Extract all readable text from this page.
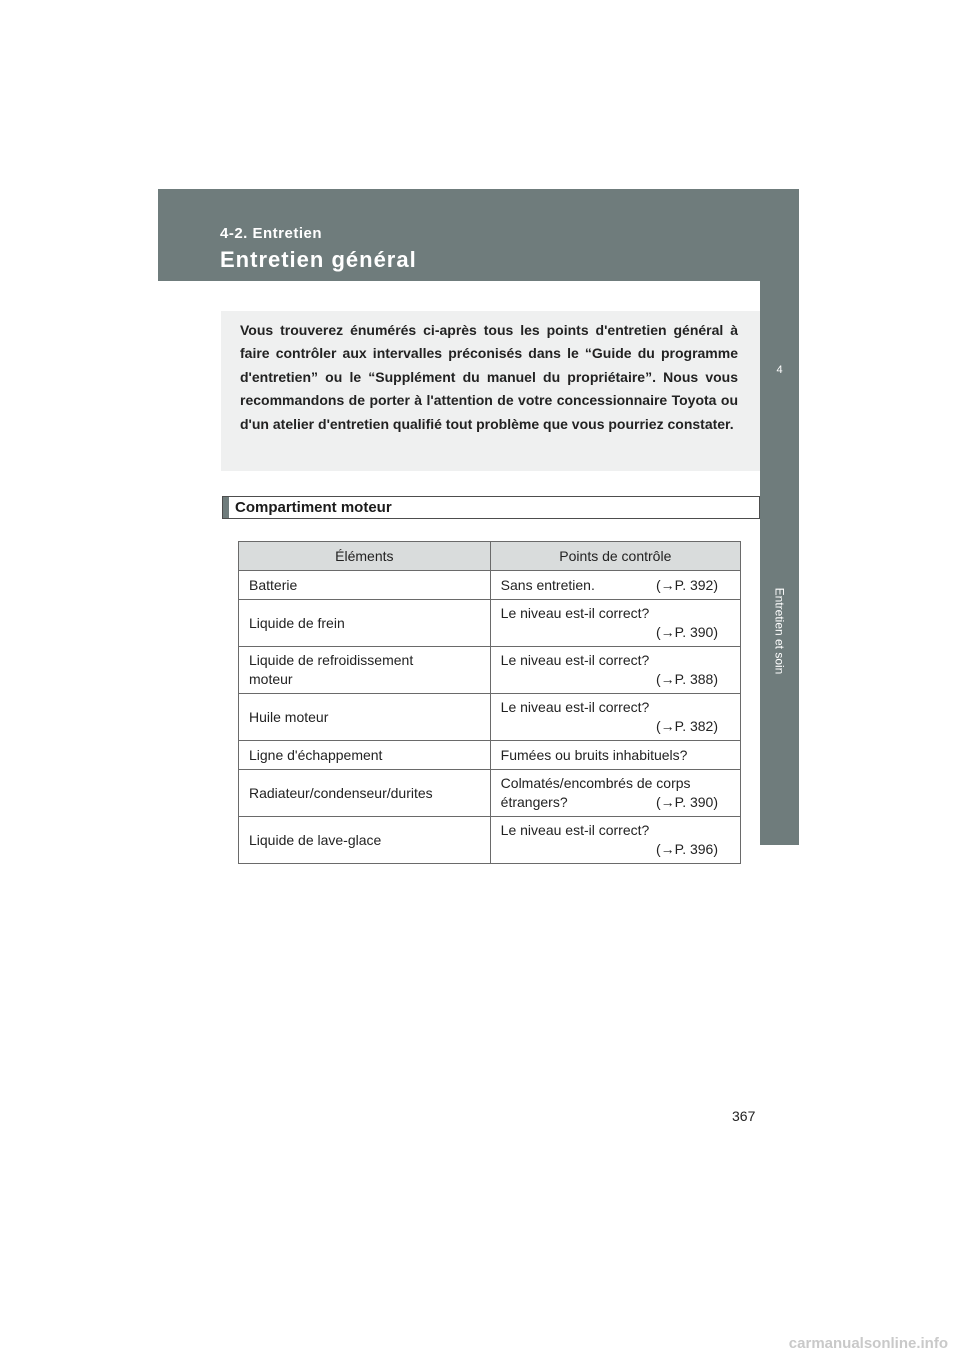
4-2. Entretien

Entretien général
4
Entretien et soin

Vous trouverez énumérés ci-après tous les points d'entretien général à faire contrôler aux intervalles préconisés dans le “Guide du programme d'entretien” ou le “Supplément du manuel du propriétaire”. Nous vous recommandons de porter à l'attention de votre concessionnaire Toyota ou d'un atelier d'entretien qualifié tout problème que vous pourriez constater.

Compartiment moteur
Éléments	Points de contrôle
Batterie	Sans entretien. (→P. 392)

Liquide de frein	Le niveau est-il correct?
(→P. 390)

Liquide de refroidissement
moteur	Le niveau est-il correct?
(→P. 388)

Huile moteur	Le niveau est-il correct?
(→P. 382)

Ligne d'échappement	Fumées ou bruits inhabituels?
Radiateur/condenseur/durites	Colmatés/encombrés de corps
étrangers? (→P. 390)

Liquide de lave-glace	Le niveau est-il correct?
(→P. 396)

367

carmanualsonline.info
